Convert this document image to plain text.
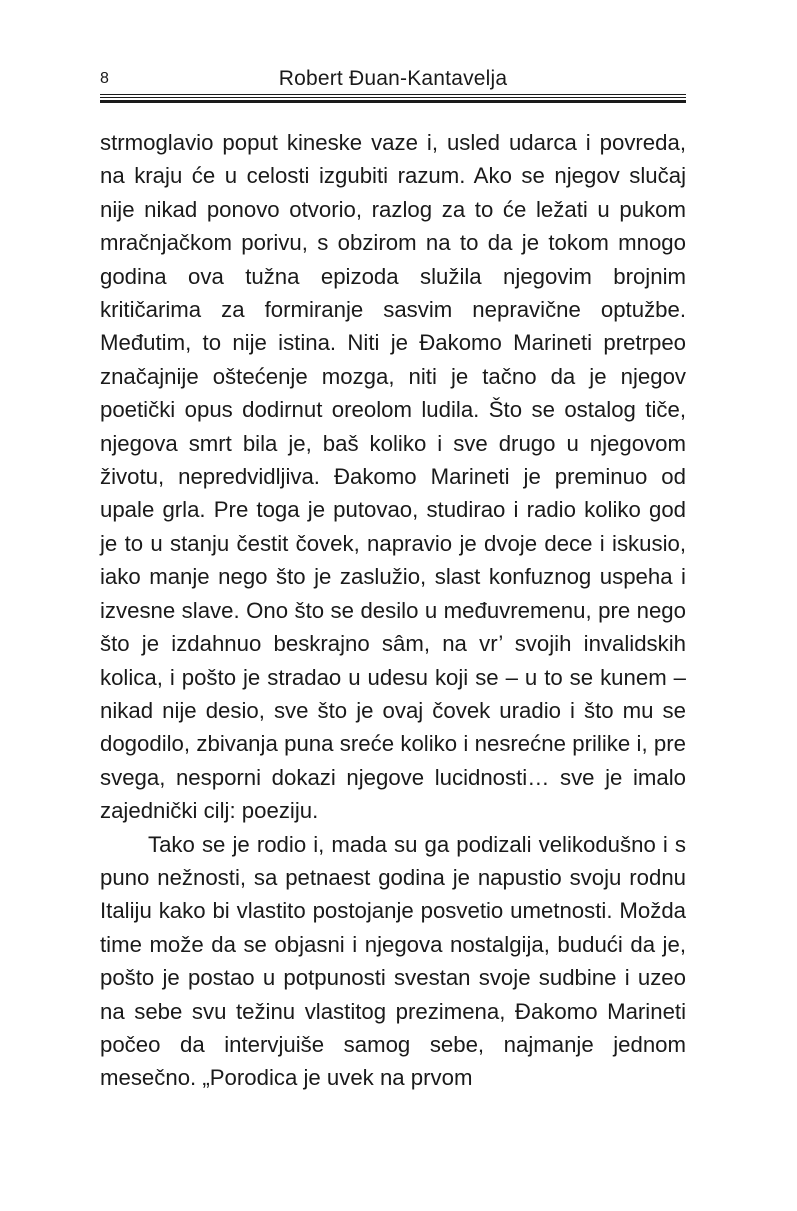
8	Robert Đuan-Kantavelja

strmoglavio poput kineske vaze i, usled udarca i povreda, na kraju će u celosti izgubiti razum. Ako se njegov slučaj nije nikad ponovo otvorio, razlog za to će ležati u pukom mračnjačkom porivu, s obzirom na to da je tokom mnogo godina ova tužna epizoda služila njegovim brojnim kritičarima za formiranje sasvim nepravične optužbe. Međutim, to nije istina. Niti je Đakomo Marineti pretrpeo značajnije oštećenje mozga, niti je tačno da je njegov poetički opus dodirnut oreolom ludila. Što se ostalog tiče, njegova smrt bila je, baš koliko i sve drugo u njegovom životu, nepredvidljiva. Đakomo Marineti je preminuo od upale grla. Pre toga je putovao, studirao i radio koliko god je to u stanju čestit čovek, napravio je dvoje dece i iskusio, iako manje nego što je zaslužio, slast konfuznog uspeha i izvesne slave. Ono što se desilo u međuvremenu, pre nego što je izdahnuo beskrajno sâm, na vr’ svojih invalidskih kolica, i pošto je stradao u udesu koji se – u to se kunem – nikad nije desio, sve što je ovaj čovek uradio i što mu se dogodilo, zbivanja puna sreće koliko i nesrećne prilike i, pre svega, nesporni dokazi njegove lucidnosti… sve je imalo zajednički cilj: poeziju.

Tako se je rodio i, mada su ga podizali velikodušno i s puno nežnosti, sa petnaest godina je napustio svoju rodnu Italiju kako bi vlastito postojanje posvetio umetnosti. Možda time može da se objasni i njegova nostalgija, budući da je, pošto je postao u potpunosti svestan svoje sudbine i uzeo na sebe svu težinu vlastitog prezimena, Đakomo Marineti počeo da intervjuiše samog sebe, najmanje jednom mesečno. „Porodica je uvek na prvom
